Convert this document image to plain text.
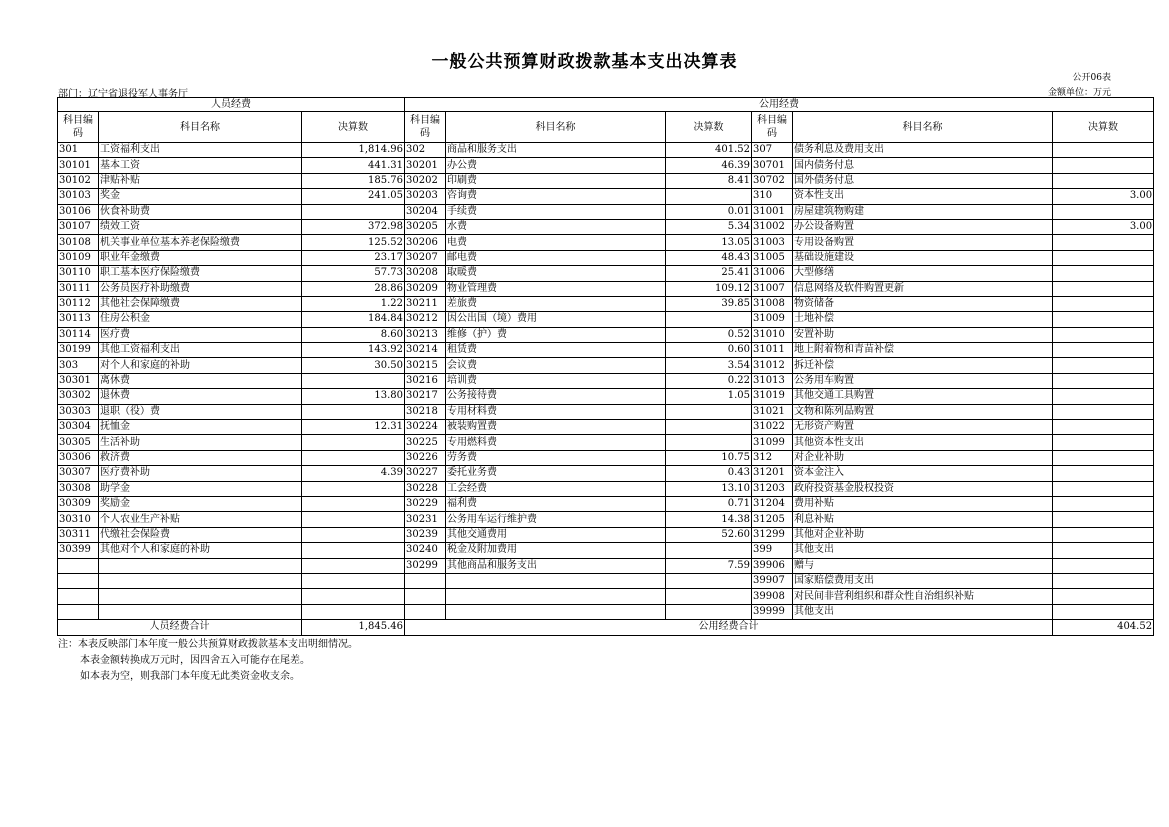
一般公共预算财政拨款基本支出决算表
公开06表
部门：辽宁省退役军人事务厅	金额单位：万元
人员经费			公用经费					
科目编码	科目名称	决算数	科目编码	科目名称	决算数	科目编码	科目名称	决算数
301	工资福利支出	1,814.96	302	商品和服务支出	401.52	307	债务利息及费用支出	
30101	基本工资	441.31	30201	办公费	46.39	30701	国内债务付息	
30102	津贴补贴	185.76	30202	印刷费	8.41	30702	国外债务付息	
30103	奖金	241.05	30203	咨询费		310	资本性支出	3.00
30106	伙食补助费		30204	手续费	0.01	31001	房屋建筑物购建	
30107	绩效工资	372.98	30205	水费	5.34	31002	办公设备购置	3.00
30108	机关事业单位基本养老保险缴费	125.52	30206	电费	13.05	31003	专用设备购置	
30109	职业年金缴费	23.17	30207	邮电费	48.43	31005	基础设施建设	
30110	职工基本医疗保险缴费	57.73	30208	取暖费	25.41	31006	大型修缮	
30111	公务员医疗补助缴费	28.86	30209	物业管理费	109.12	31007	信息网络及软件购置更新	
30112	其他社会保障缴费	1.22	30211	差旅费	39.85	31008	物资储备	
30113	住房公积金	184.84	30212	因公出国（境）费用		31009	土地补偿	
30114	医疗费	8.60	30213	维修（护）费	0.52	31010	安置补助	
30199	其他工资福利支出	143.92	30214	租赁费	0.60	31011	地上附着物和青苗补偿	
303	对个人和家庭的补助	30.50	30215	会议费	3.54	31012	拆迁补偿	
30301	离休费		30216	培训费	0.22	31013	公务用车购置	
30302	退休费	13.80	30217	公务接待费	1.05	31019	其他交通工具购置	
30303	退职（役）费		30218	专用材料费		31021	文物和陈列品购置	
30304	抚恤金	12.31	30224	被装购置费		31022	无形资产购置	
30305	生活补助		30225	专用燃料费		31099	其他资本性支出	
30306	救济费		30226	劳务费	10.75	312	对企业补助	
30307	医疗费补助	4.39	30227	委托业务费	0.43	31201	资本金注入	
30308	助学金		30228	工会经费	13.10	31203	政府投资基金股权投资	
30309	奖励金		30229	福利费	0.71	31204	费用补贴	
30310	个人农业生产补贴		30231	公务用车运行维护费	14.38	31205	利息补贴	
30311	代缴社会保险费		30239	其他交通费用	52.60	31299	其他对企业补助	
30399	其他对个人和家庭的补助		30240	税金及附加费用		399	其他支出	
			30299	其他商品和服务支出	7.59	39906	赠与	
						39907	国家赔偿费用支出	
						39908	对民间非营利组织和群众性自治组织补贴	
						39999	其他支出	
人员经费合计		1,845.46	公用经费合计					404.52
注：本表反映部门本年度一般公共预算财政拨款基本支出明细情况。
本表金额转换成万元时，因四舍五入可能存在尾差。
如本表为空，则我部门本年度无此类资金收支余。
